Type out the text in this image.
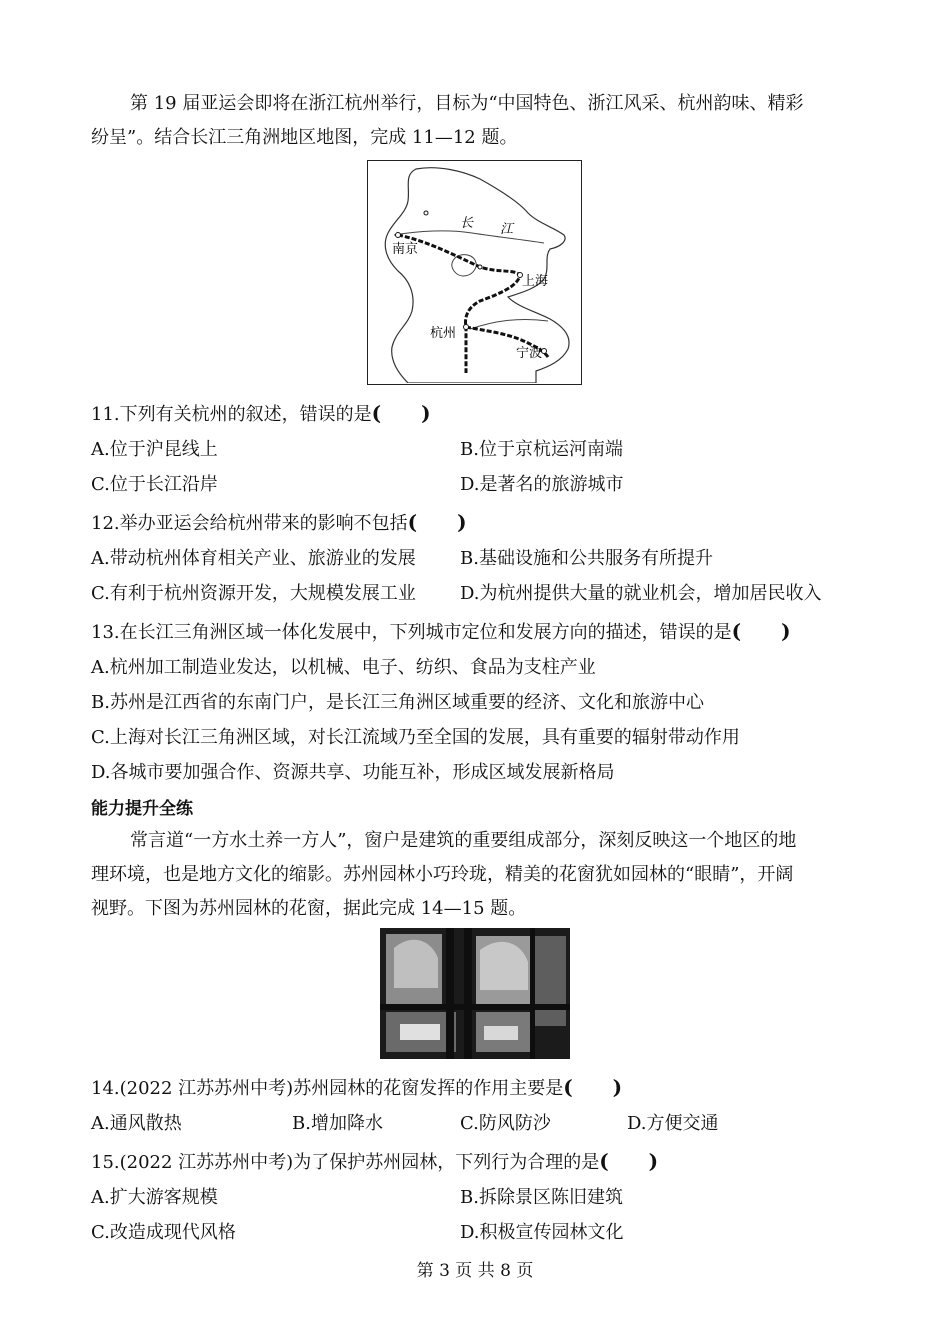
第 19 届亚运会即将在浙江杭州举行，目标为“中国特色、浙江风采、杭州韵味、精彩
纷呈”。结合长江三角洲地区地图，完成 11—12 题。
南京
上海
杭州
宁波
长 江
11.下列有关杭州的叙述，错误的是(　　)
A.位于沪昆线上	B.位于京杭运河南端
C.位于长江沿岸	D.是著名的旅游城市
12.举办亚运会给杭州带来的影响不包括(　　)
A.带动杭州体育相关产业、旅游业的发展 B.基础设施和公共服务有所提升
C.有利于杭州资源开发，大规模发展工业 D.为杭州提供大量的就业机会，增加居民收入
13.在长江三角洲区域一体化发展中，下列城市定位和发展方向的描述，错误的是(　　)
A.杭州加工制造业发达，以机械、电子、纺织、食品为支柱产业
B.苏州是江西省的东南门户，是长江三角洲区域重要的经济、文化和旅游中心
C.上海对长江三角洲区域，对长江流域乃至全国的发展，具有重要的辐射带动作用
D.各城市要加强合作、资源共享、功能互补，形成区域发展新格局
能力提升全练
常言道“一方水土养一方人”，窗户是建筑的重要组成部分，深刻反映这一个地区的地
理环境，也是地方文化的缩影。苏州园林小巧玲珑，精美的花窗犹如园林的“眼睛”，开阔
视野。下图为苏州园林的花窗，据此完成 14—15 题。
14.(2022 江苏苏州中考)苏州园林的花窗发挥的作用主要是(　　)
A.通风散热	B.增加降水	C.防风防沙	D.方便交通
15.(2022 江苏苏州中考)为了保护苏州园林，下列行为合理的是(　　)
A.扩大游客规模	B.拆除景区陈旧建筑
C.改造成现代风格	D.积极宣传园林文化
第 3 页 共 8 页
